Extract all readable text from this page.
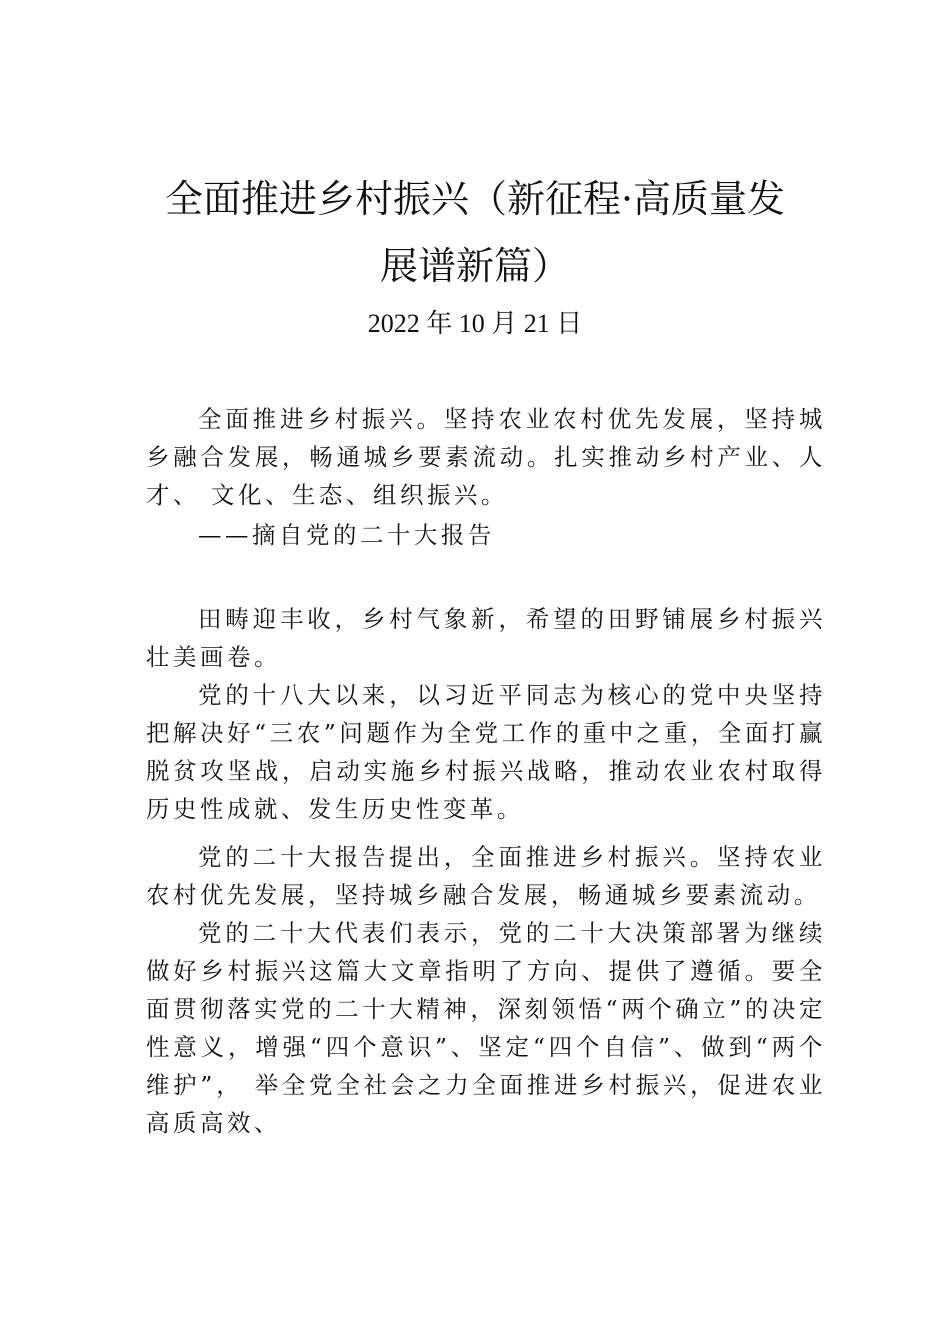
全面推进乡村振兴（新征程·高质量发
展谱新篇）
2022 年 10 月 21 日

全面推进乡村振兴。坚持农业农村优先发展，坚持城乡融合发展，畅通城乡要素流动。扎实推动乡村产业、人才、 文化、生态、组织振兴。

——摘自党的二十大报告

田畴迎丰收，乡村气象新，希望的田野铺展乡村振兴壮美画卷。

党的十八大以来，以习近平同志为核心的党中央坚持把解决好“三农”问题作为全党工作的重中之重，全面打赢脱贫攻坚战，启动实施乡村振兴战略，推动农业农村取得历史性成就、发生历史性变革。

党的二十大报告提出，全面推进乡村振兴。坚持农业农村优先发展，坚持城乡融合发展，畅通城乡要素流动。

党的二十大代表们表示，党的二十大决策部署为继续做好乡村振兴这篇大文章指明了方向、提供了遵循。要全面贯彻落实党的二十大精神，深刻领悟“两个确立”的决定性意义，增强“四个意识”、坚定“四个自信”、做到“两个维护”， 举全党全社会之力全面推进乡村振兴，促进农业高质高效、
